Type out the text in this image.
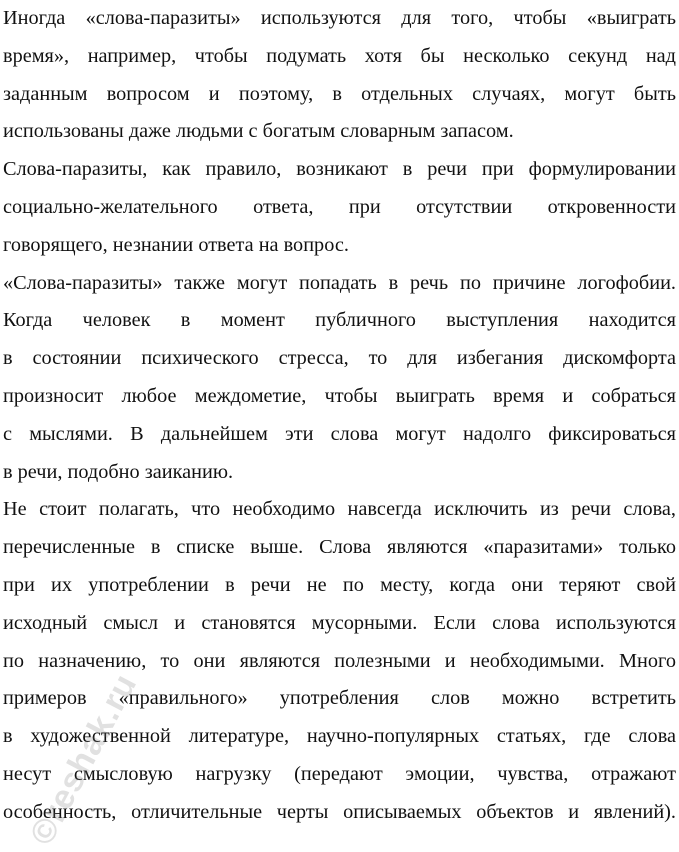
Иногда «слова-паразиты» используются для того, чтобы «выиграть
время», например, чтобы подумать хотя бы несколько секунд над
заданным вопросом и поэтому, в отдельных случаях, могут быть
использованы даже людьми с богатым словарным запасом.
Слова-паразиты, как правило, возникают в речи при формулировании
социально-желательного ответа, при отсутствии откровенности
говорящего, незнании ответа на вопрос.
«Слова-паразиты» также могут попадать в речь по причине логофобии.
Когда человек в момент публичного выступления находится
в состоянии психического стресса, то для избегания дискомфорта
произносит любое междометие, чтобы выиграть время и собраться
с мыслями. В дальнейшем эти слова могут надолго фиксироваться
в речи, подобно заиканию.
Не стоит полагать, что необходимо навсегда исключить из речи слова,
перечисленные в списке выше. Слова являются «паразитами» только
при их употреблении в речи не по месту, когда они теряют свой
исходный смысл и становятся мусорными. Если слова используются
по назначению, то они являются полезными и необходимыми. Много
примеров «правильного» употребления слов можно встретить
в художественной литературе, научно-популярных статьях, где слова
несут смысловую нагрузку (передают эмоции, чувства, отражают
особенность, отличительные черты описываемых объектов и явлений).
©reshak.ru
